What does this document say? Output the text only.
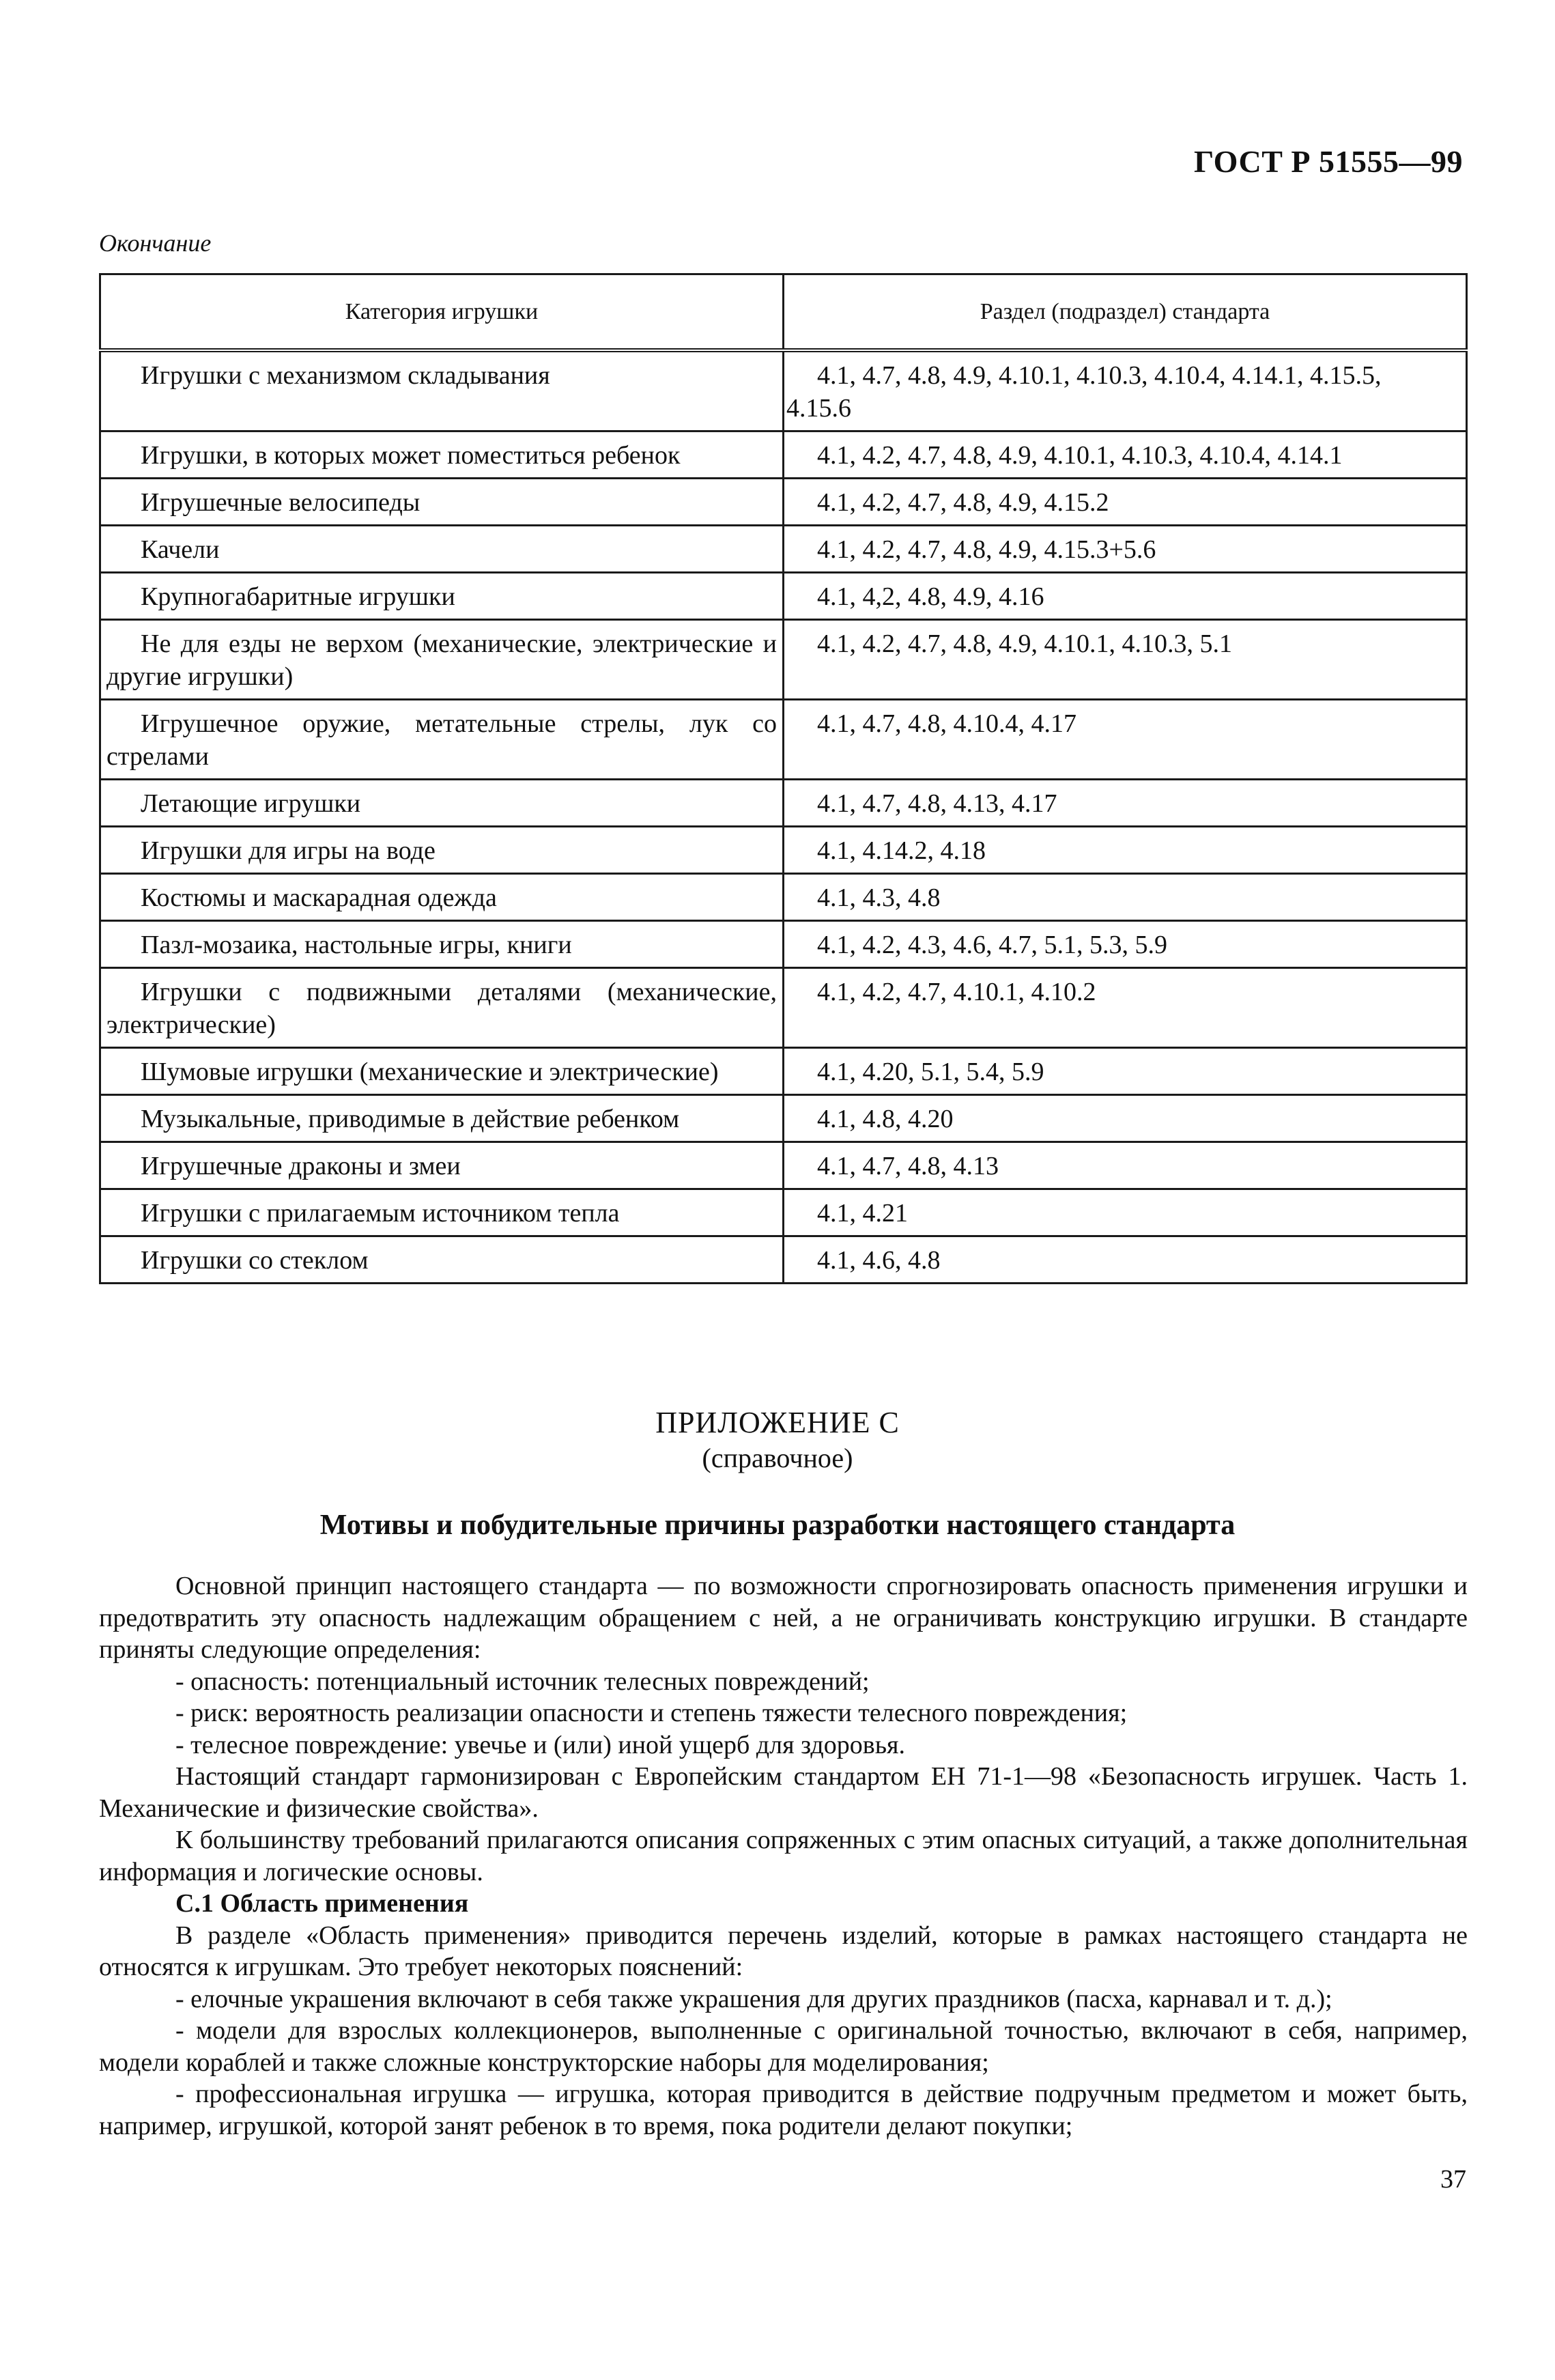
ГОСТ Р 51555—99
Окончание
Категория игрушки	Раздел (подраздел) стандарта
Игрушки с механизмом складывания	4.1, 4.7, 4.8, 4.9, 4.10.1, 4.10.3, 4.10.4, 4.14.1, 4.15.5,
4.15.6

Игрушки, в которых может поместиться ребенок	4.1, 4.2, 4.7, 4.8, 4.9, 4.10.1, 4.10.3, 4.10.4, 4.14.1
Игрушечные велосипеды	4.1, 4.2, 4.7, 4.8, 4.9, 4.15.2
Качели	4.1, 4.2, 4.7, 4.8, 4.9, 4.15.3+5.6
Крупногабаритные игрушки	4.1, 4,2, 4.8, 4.9, 4.16
Не для езды не верхом (механические, электрические и другие игрушки)	4.1, 4.2, 4.7, 4.8, 4.9, 4.10.1, 4.10.3, 5.1
Игрушечное оружие, метательные стрелы, лук со стрелами	4.1, 4.7, 4.8, 4.10.4, 4.17
Летающие игрушки	4.1, 4.7, 4.8, 4.13, 4.17
Игрушки для игры на воде	4.1, 4.14.2, 4.18
Костюмы и маскарадная одежда	4.1, 4.3, 4.8
Пазл-мозаика, настольные игры, книги	4.1, 4.2, 4.3, 4.6, 4.7, 5.1, 5.3, 5.9
Игрушки с подвижными деталями (механические, электрические)	4.1, 4.2, 4.7, 4.10.1, 4.10.2
Шумовые игрушки (механические и электрические)	4.1, 4.20, 5.1, 5.4, 5.9
Музыкальные, приводимые в действие ребенком	4.1, 4.8, 4.20
Игрушечные драконы и змеи	4.1, 4.7, 4.8, 4.13
Игрушки с прилагаемым источником тепла	4.1, 4.21
Игрушки со стеклом	4.1, 4.6, 4.8
ПРИЛОЖЕНИЕ С
(справочное)
Мотивы и побудительные причины разработки настоящего стандарта

Основной принцип настоящего стандарта — по возможности спрогнозировать опасность применения игрушки и предотвратить эту опасность надлежащим обращением с ней, а не ограничивать конструкцию игрушки. В стандарте приняты следующие определения:

- опасность: потенциальный источник телесных повреждений;

- риск: вероятность реализации опасности и степень тяжести телесного повреждения;

- телесное повреждение: увечье и (или) иной ущерб для здоровья.

Настоящий стандарт гармонизирован с Европейским стандартом ЕН 71-1—98 «Безопасность игрушек. Часть 1. Механические и физические свойства».

К большинству требований прилагаются описания сопряженных с этим опасных ситуаций, а также дополнительная информация и логические основы.

С.1 Область применения

В разделе «Область применения» приводится перечень изделий, которые в рамках настоящего стандарта не относятся к игрушкам. Это требует некоторых пояснений:

- елочные украшения включают в себя также украшения для других праздников (пасха, карнавал и т. д.);

- модели для взрослых коллекционеров, выполненные с оригинальной точностью, включают в себя, например, модели кораблей и также сложные конструкторские наборы для моделирования;

- профессиональная игрушка — игрушка, которая приводится в действие подручным предметом и может быть, например, игрушкой, которой занят ребенок в то время, пока родители делают покупки;

37
